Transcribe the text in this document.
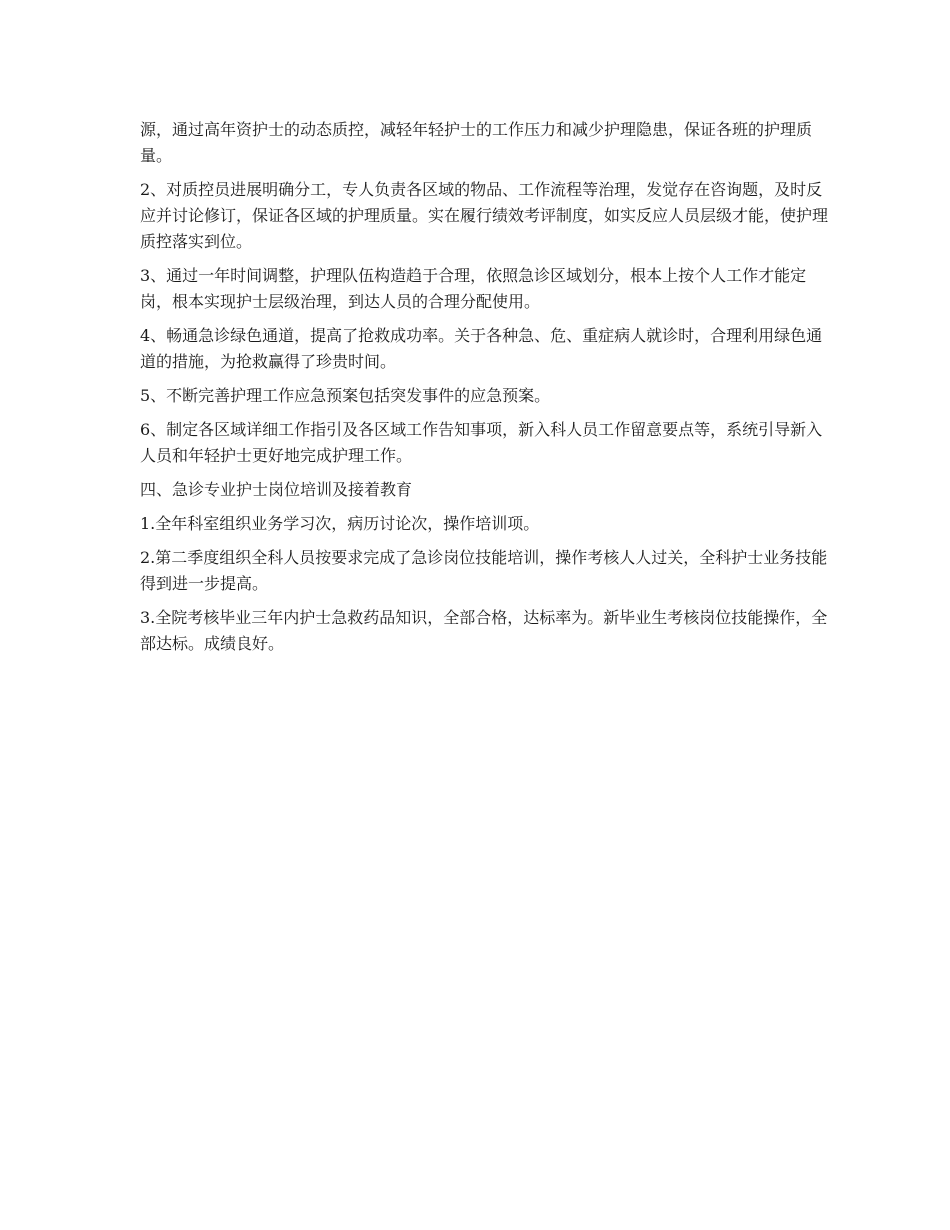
源，通过高年资护士的动态质控，减轻年轻护士的工作压力和减少护理隐患，保证各班的护理质量。

2、对质控员进展明确分工，专人负责各区域的物品、工作流程等治理，发觉存在咨询题，及时反应并讨论修订，保证各区域的护理质量。实在履行绩效考评制度，如实反应人员层级才能，使护理质控落实到位。

3、通过一年时间调整，护理队伍构造趋于合理，依照急诊区域划分，根本上按个人工作才能定岗，根本实现护士层级治理，到达人员的合理分配使用。

4、畅通急诊绿色通道，提高了抢救成功率。关于各种急、危、重症病人就诊时，合理利用绿色通道的措施，为抢救赢得了珍贵时间。

5、不断完善护理工作应急预案包括突发事件的应急预案。

6、制定各区域详细工作指引及各区域工作告知事项，新入科人员工作留意要点等，系统引导新入人员和年轻护士更好地完成护理工作。

四、急诊专业护士岗位培训及接着教育

1.全年科室组织业务学习次，病历讨论次，操作培训项。

2.第二季度组织全科人员按要求完成了急诊岗位技能培训，操作考核人人过关，全科护士业务技能得到进一步提高。

3.全院考核毕业三年内护士急救药品知识，全部合格，达标率为。新毕业生考核岗位技能操作，全部达标。成绩良好。
